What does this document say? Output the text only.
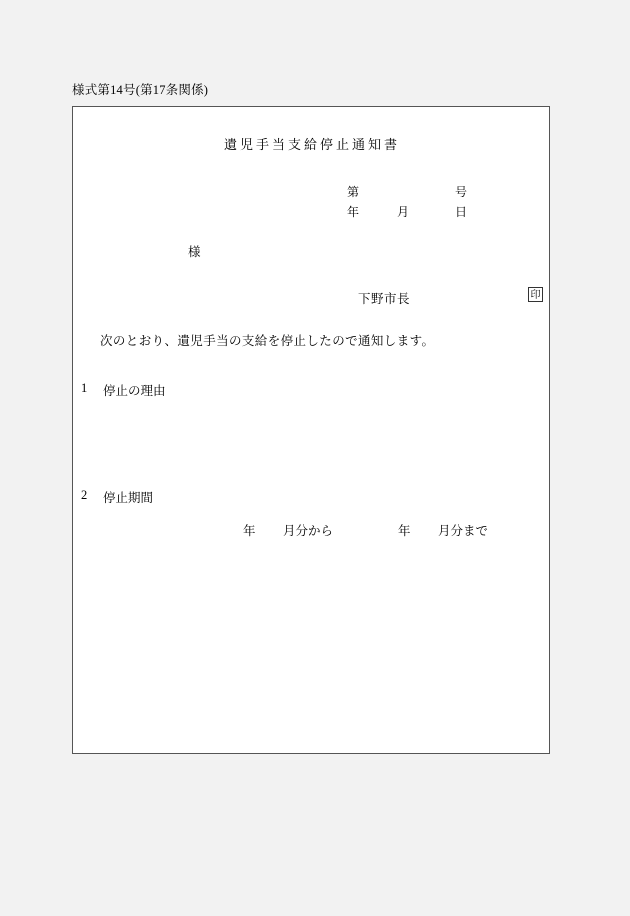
様式第14号(第17条関係)
遺児手当支給停止通知書
第	号
年	月	日
様
下野市長	印
次のとおり、遺児手当の支給を停止したので通知します。
1 停止の理由
2 停止期間
年 月分から	年 月分まで
